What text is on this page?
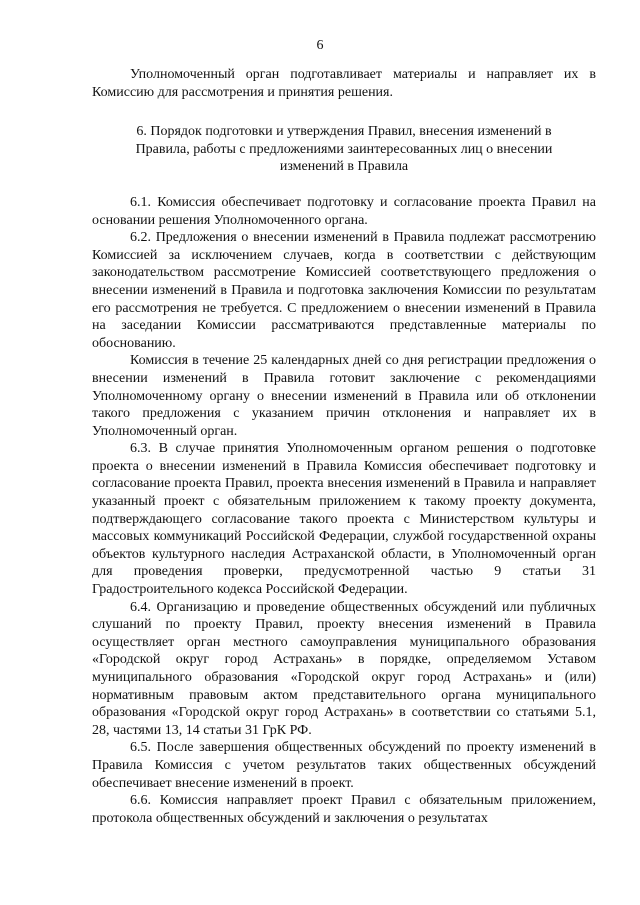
6

Уполномоченный орган подготавливает материалы и направляет их в Комиссию для рассмотрения и принятия решения.

6. Порядок подготовки и утверждения Правил, внесения изменений в Правила, работы с предложениями заинтересованных лиц о внесении изменений в Правила

6.1. Комиссия обеспечивает подготовку и согласование проекта Правил на основании решения Уполномоченного органа.

6.2. Предложения о внесении изменений в Правила подлежат рассмотрению Комиссией за исключением случаев, когда в соответствии с действующим законодательством рассмотрение Комиссией соответствующего предложения о внесении изменений в Правила и подготовка заключения Комиссии по результатам его рассмотрения не требуется. С предложением о внесении изменений в Правила на заседании Комиссии рассматриваются представленные материалы по обоснованию.

Комиссия в течение 25 календарных дней со дня регистрации предложения о внесении изменений в Правила готовит заключение с рекомендациями Уполномоченному органу о внесении изменений в Правила или об отклонении такого предложения с указанием причин отклонения и направляет их в Уполномоченный орган.

6.3. В случае принятия Уполномоченным органом решения о подготовке проекта о внесении изменений в Правила Комиссия обеспечивает подготовку и согласование проекта Правил, проекта внесения изменений в Правила и направляет указанный проект с обязательным приложением к такому проекту документа, подтверждающего согласование такого проекта с Министерством культуры и массовых коммуникаций Российской Федерации, службой государственной охраны объектов культурного наследия Астраханской области, в Уполномоченный орган для проведения проверки, предусмотренной частью 9 статьи 31 Градостроительного кодекса Российской Федерации.

6.4. Организацию и проведение общественных обсуждений или публичных слушаний по проекту Правил, проекту внесения изменений в Правила осуществляет орган местного самоуправления муниципального образования «Городской округ город Астрахань» в порядке, определяемом Уставом муниципального образования «Городской округ город Астрахань» и (или) нормативным правовым актом представительного органа муниципального образования «Городской округ город Астрахань» в соответствии со статьями 5.1, 28, частями 13, 14 статьи 31 ГрК РФ.

6.5. После завершения общественных обсуждений по проекту изменений в Правила Комиссия с учетом результатов таких общественных обсуждений обеспечивает внесение изменений в проект.

6.6. Комиссия направляет проект Правил с обязательным приложением, протокола общественных обсуждений и заключения о результатах
